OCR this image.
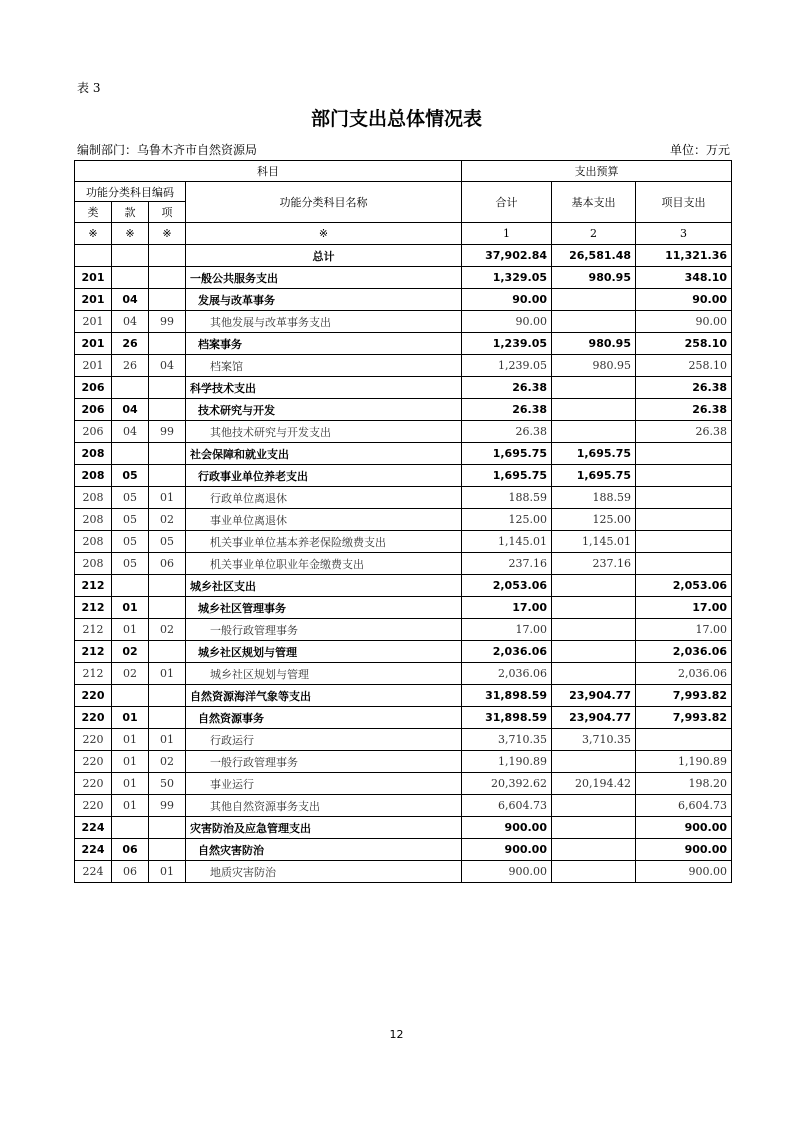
表 3
部门支出总体情况表
编制部门：乌鲁木齐市自然资源局	单位：万元
科目				支出预算		
功能分类科目编码			功能分类科目名称	合计	基本支出	项目支出
类	款	项				
※	※	※	※	1	2	3
			总计	37,902.84	26,581.48	11,321.36
201			一般公共服务支出	1,329.05	980.95	348.10
201	04		发展与改革事务	90.00		90.00
201	04	99	其他发展与改革事务支出	90.00		90.00
201	26		档案事务	1,239.05	980.95	258.10
201	26	04	档案馆	1,239.05	980.95	258.10
206			科学技术支出	26.38		26.38
206	04		技术研究与开发	26.38		26.38
206	04	99	其他技术研究与开发支出	26.38		26.38
208			社会保障和就业支出	1,695.75	1,695.75	
208	05		行政事业单位养老支出	1,695.75	1,695.75	
208	05	01	行政单位离退休	188.59	188.59	
208	05	02	事业单位离退休	125.00	125.00	
208	05	05	机关事业单位基本养老保险缴费支出	1,145.01	1,145.01	
208	05	06	机关事业单位职业年金缴费支出	237.16	237.16	
212			城乡社区支出	2,053.06		2,053.06
212	01		城乡社区管理事务	17.00		17.00
212	01	02	一般行政管理事务	17.00		17.00
212	02		城乡社区规划与管理	2,036.06		2,036.06
212	02	01	城乡社区规划与管理	2,036.06		2,036.06
220			自然资源海洋气象等支出	31,898.59	23,904.77	7,993.82
220	01		自然资源事务	31,898.59	23,904.77	7,993.82
220	01	01	行政运行	3,710.35	3,710.35	
220	01	02	一般行政管理事务	1,190.89		1,190.89
220	01	50	事业运行	20,392.62	20,194.42	198.20
220	01	99	其他自然资源事务支出	6,604.73		6,604.73
224			灾害防治及应急管理支出	900.00		900.00
224	06		自然灾害防治	900.00		900.00
224	06	01	地质灾害防治	900.00		900.00
12
